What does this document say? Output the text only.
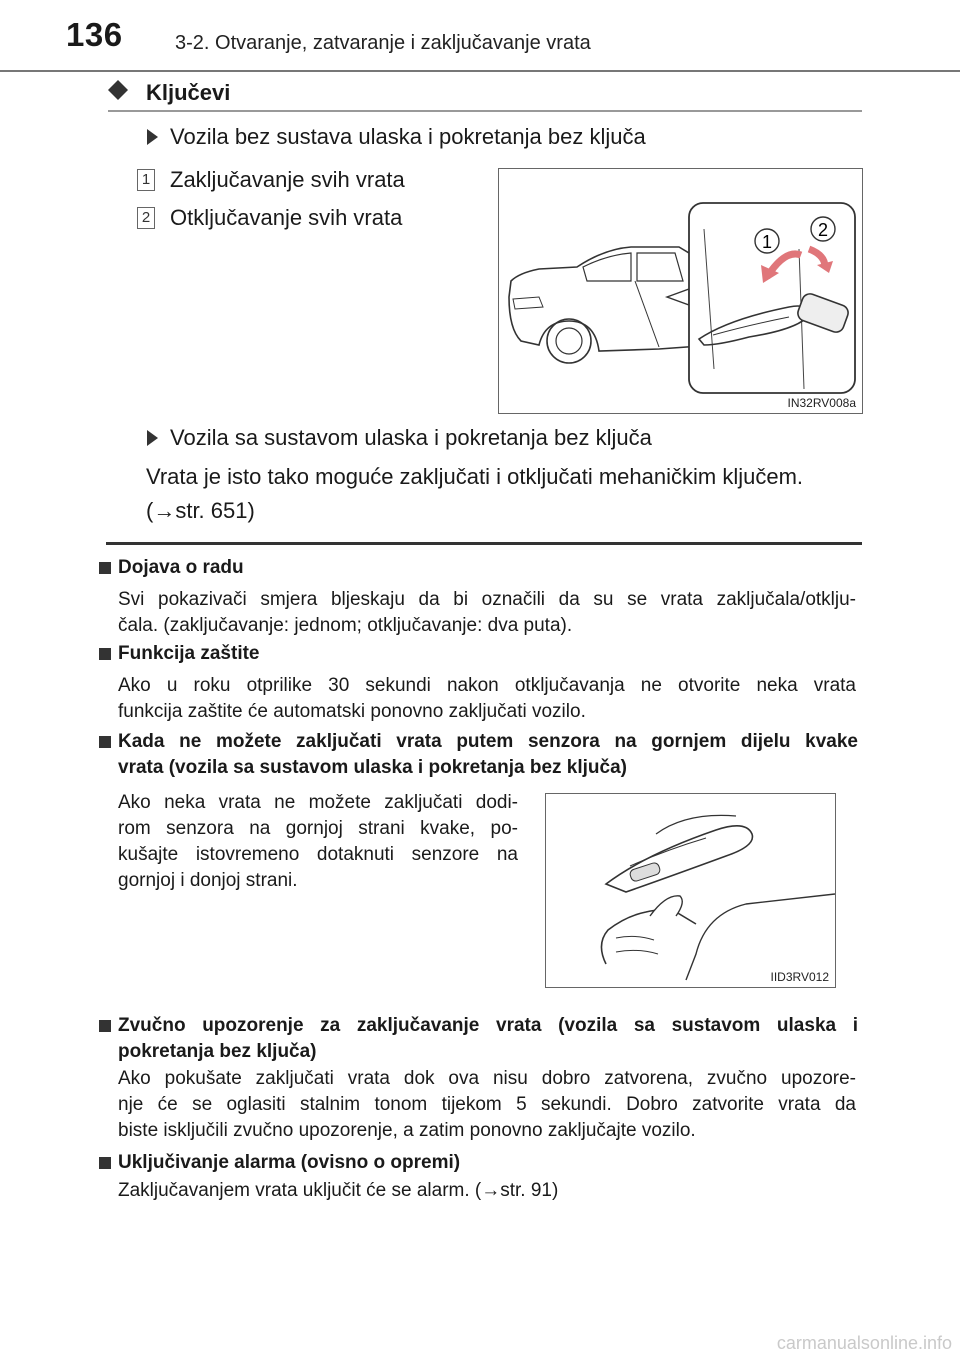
136	3-2. Otvaranje, zatvaranje i zaključavanje vrata
Ključevi
Vozila bez sustava ulaska i pokretanja bez ključa
1 Zaključavanje svih vrata
2 Otključavanje svih vrata
1
2
IN32RV008a
Vozila sa sustavom ulaska i pokretanja bez ključa
Vrata je isto tako moguće zaključati i otključati mehaničkim ključem.
(→str. 651)
Dojava o radu
Svi pokazivači smjera bljeskaju da bi označili da su se vrata zaključala/otklju-
čala. (zaključavanje: jednom; otključavanje: dva puta).
Funkcija zaštite
Ako u roku otprilike 30 sekundi nakon otključavanja ne otvorite neka vrata
funkcija zaštite će automatski ponovno zaključati vozilo.
Kada ne možete zaključati vrata putem senzora na gornjem dijelu kvake
vrata (vozila sa sustavom ulaska i pokretanja bez ključa)
Ako neka vrata ne možete zaključati dodi-
rom senzora na gornjoj strani kvake, po-
kušajte istovremeno dotaknuti senzore na
gornjoj i donjoj strani.
IID3RV012
Zvučno upozorenje za zaključavanje vrata (vozila sa sustavom ulaska i
pokretanja bez ključa)
Ako pokušate zaključati vrata dok ova nisu dobro zatvorena, zvučno upozore-
nje će se oglasiti stalnim tonom tijekom 5 sekundi. Dobro zatvorite vrata da
biste isključili zvučno upozorenje, a zatim ponovno zaključajte vozilo.
Uključivanje alarma (ovisno o opremi)
Zaključavanjem vrata uključit će se alarm. (→str. 91)
carmanualsonline.info
